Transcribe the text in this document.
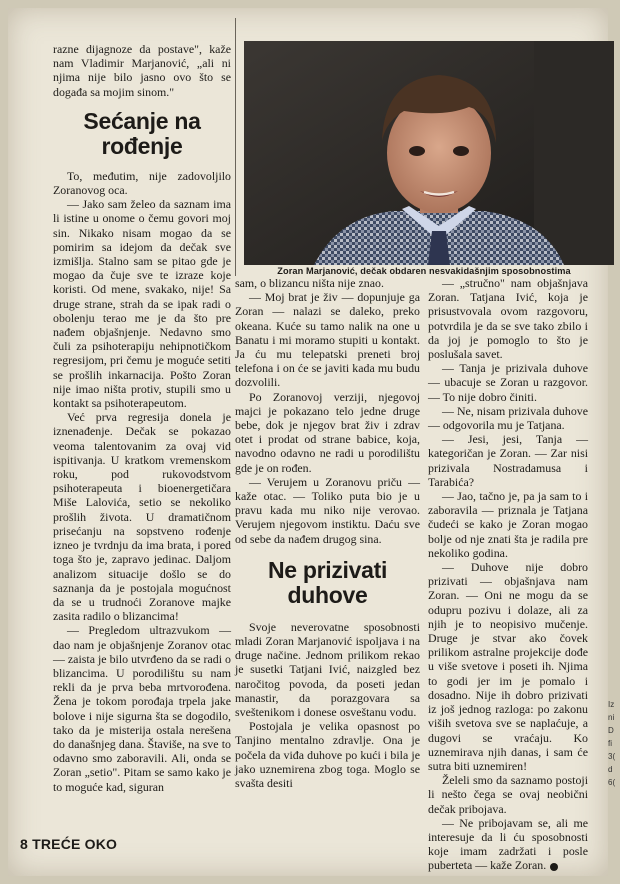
razne dijagnoze da postave", kaže nam Vladimir Marjanović, „ali ni njima nije bilo jasno ovo što se događa sa mojim sinom."

Sećanje na
rođenje

To, međutim, nije zadovoljilo Zoranovog oca.

— Jako sam želeo da saznam ima li istine u onome o čemu govori moj sin. Nikako nisam mogao da se pomirim sa idejom da dečak sve izmišlja. Stalno sam se pitao gde je mogao da čuje sve te izraze koje koristi. Od mene, svakako, nije! Sa druge strane, strah da se ipak radi o obolenju terao me je da što pre nađem objašnjenje. Nedavno smo čuli za psihoterapiju nehipnotičkom regresijom, pri čemu je moguće setiti se prošlih inkarnacija. Pošto Zoran nije imao ništa protiv, stupili smo u kontakt sa psihoterapeutom.

Već prva regresija donela je iznenađenje. Dečak se pokazao veoma talentovanim za ovaj vid ispitivanja. U kratkom vremenskom roku, pod rukovodstvom psihoterapeuta i bioenergetičara Miše Lalovića, setio se nekoliko prošlih života. U dramatičnom prisećanju na sopstveno rođenje izneo je tvrdnju da ima brata, i pored toga što je, zapravo jedinac. Daljom analizom situacije došlo se do saznanja da je postojala mogućnost da se u trudnoći Zoranove majke zasita radilo o blizancima!

— Pregledom ultrazvukom — dao nam je objašnjenje Zoranov otac — zaista je bilo utvrđeno da se radi o blizancima. U porodilištu su nam rekli da je prva beba mrtvorođena. Žena je tokom porođaja trpela jake bolove i nije sigurna šta se dogodilo, tako da je misterija ostala nerešena do današnjeg dana. Štaviše, na sve to odavno smo zaboravili. Ali, onda se Zoran „setio". Pitam se samo kako je to moguće kad, siguran

Zoran Marjanović, dečak obdaren nesvakidašnjim sposobnostima

sam, o blizancu ništa nije znao.

— Moj brat je živ — dopunjuje ga Zoran — nalazi se daleko, preko okeana. Kuće su tamo nalik na one u Banatu i mi moramo stupiti u kontakt. Ja ću mu telepatski preneti broj telefona i on će se javiti kada mu budu dozvolili.

Po Zoranovoj verziji, njegovoj majci je pokazano telo jedne druge bebe, dok je njegov brat živ i zdrav otet i prodat od strane babice, koja, navodno odavno ne radi u porodilištu gde je on rođen.

— Verujem u Zoranovu priču — kaže otac. — Toliko puta bio je u pravu kada mu niko nije verovao. Verujem njegovom instiktu. Daću sve od sebe da nađem drugog sina.

Ne prizivati
duhove

Svoje neverovatne sposobnosti mladi Zoran Marjanović ispoljava i na druge načine. Jednom prilikom rekao je susetki Tatjani Ivić, naizgled bez naročitog povoda, da poseti jedan manastir, da porazgovara sa sveštenikom i donese osveštanu vodu.

Postojala je velika opasnost po Tanjino mentalno zdravlje. Ona je počela da viđa duhove po kući i bila je jako uznemirena zbog toga. Moglo se svašta desiti

— „stručno" nam objašnjava Zoran. Tatjana Ivić, koja je prisustvovala ovom razgovoru, potvrdila je da se sve tako zbilo i da joj je pomoglo to što je poslušala savet.

— Tanja je prizivala duhove — ubacuje se Zoran u razgovor. — To nije dobro činiti.

— Ne, nisam prizivala duhove — odgovorila mu je Tatjana.

— Jesi, jesi, Tanja — kategoričan je Zoran. — Zar nisi prizivala Nostradamusa i Tarabića?

— Jao, tačno je, pa ja sam to i zaboravila — priznala je Tatjana čudeći se kako je Zoran mogao bolje od nje znati šta je radila pre nekoliko godina.

— Duhove nije dobro prizivati — objašnjava nam Zoran. — Oni ne mogu da se odupru pozivu i dolaze, ali za njih je to neopisivo mučenje. Druge je stvar ako čovek prilikom astralne projekcije dođe u više svetove i poseti ih. Njima to godi jer im je pomalo i dosadno. Nije ih dobro prizivati iz još jednog razloga: po zakonu viših svetova sve se naplaćuje, a dugovi se vraćaju. Ko uznemirava njih danas, i sam će sutra biti uznemiren!

Želeli smo da saznamo postoji li nešto čega se ovaj neobični dečak pribojava.

— Ne pribojavam se, ali me interesuje da li ću sposobnosti koje imam zadržati i posle puberteta — kaže Zoran.

8 TREĆE OKO
Iz
ni
D
fi
3(
d
6(
